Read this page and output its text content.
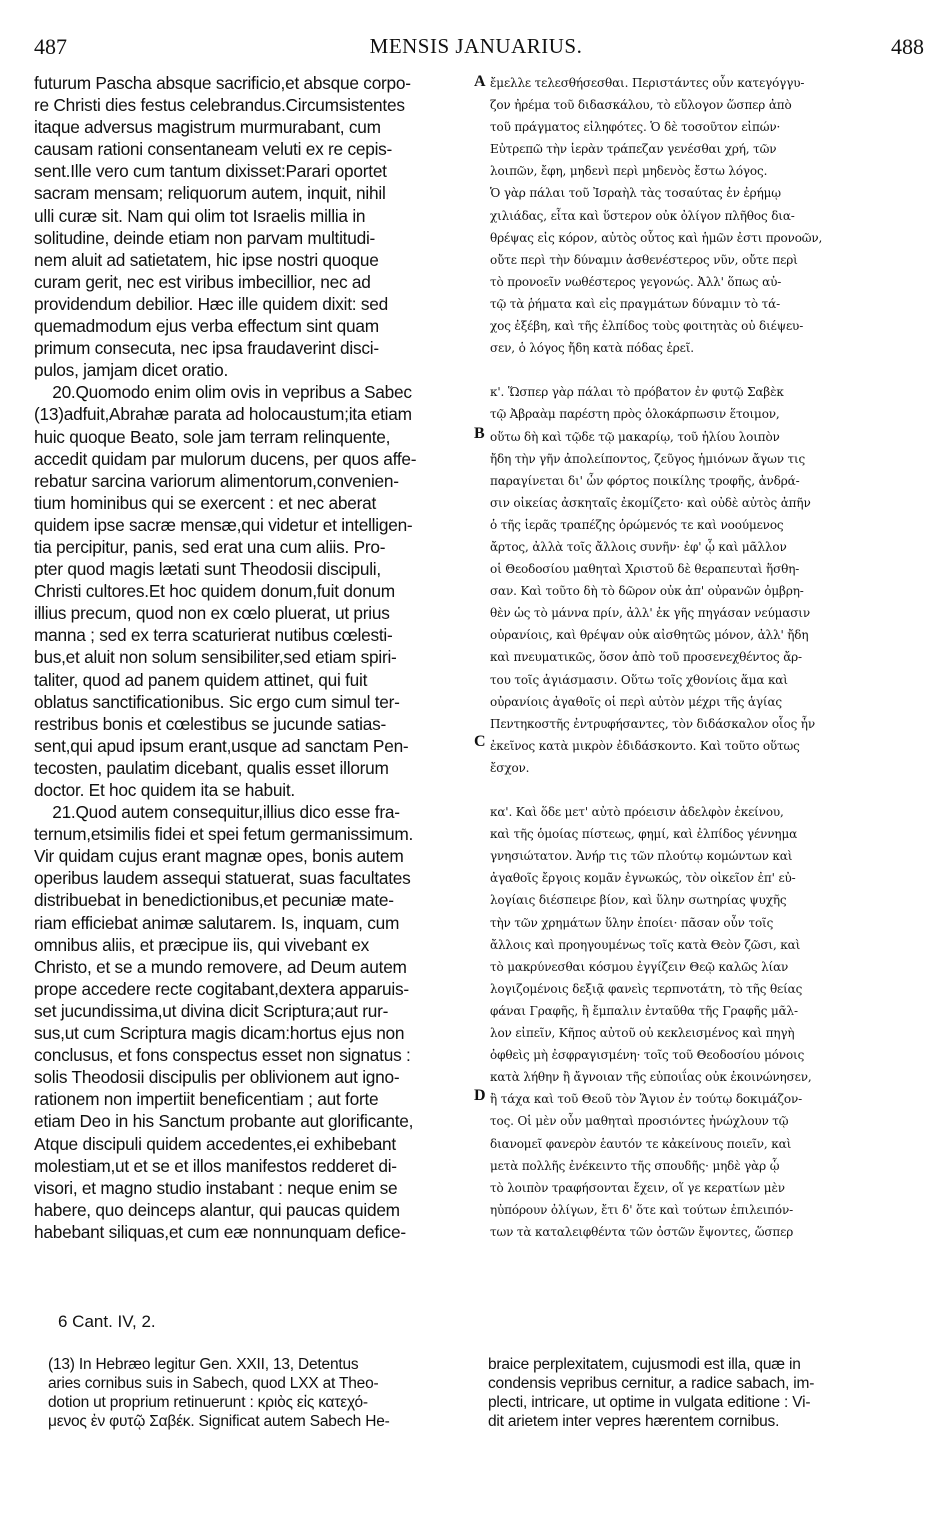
487	MENSIS JANUARIUS.	488
futurum Pascha absque sacrificio,et absque corpo-
re Christi dies festus celebrandus.Circumsistentes
itaque adversus magistrum murmurabant, cum
causam rationi consentaneam veluti ex re cepis-
sent.Ille vero cum tantum dixisset:Parari oportet
sacram mensam; reliquorum autem, inquit, nihil
ulli curæ sit. Nam qui olim tot Israelis millia in
solitudine, deinde etiam non parvam multitudi-
nem aluit ad satietatem, hic ipse nostri quoque
curam gerit, nec est viribus imbecillior, nec ad
providendum debilior. Hæc ille quidem dixit: sed
quemadmodum ejus verba effectum sint quam
primum consecuta, nec ipsa fraudaverint disci-
pulos, jamjam dicet oratio.
20.Quomodo enim olim ovis in vepribus a Sabec
(13)adfuit,Abrahæ parata ad holocaustum;ita etiam
huic quoque Beato, sole jam terram relinquente,
accedit quidam par mulorum ducens, per quos affe-
rebatur sarcina variorum alimentorum,convenien-
tium hominibus qui se exercent : et nec aberat
quidem ipse sacræ mensæ,qui videtur et intelligen-
tia percipitur, panis, sed erat una cum aliis. Pro-
pter quod magis lætati sunt Theodosii discipuli,
Christi cultores.Et hoc quidem donum,fuit donum
illius precum, quod non ex cœlo pluerat, ut prius
manna ; sed ex terra scaturierat nutibus cœlesti-
bus,et aluit non solum sensibiliter,sed etiam spiri-
taliter, quod ad panem quidem attinet, qui fuit
oblatus sanctificationibus. Sic ergo cum simul ter-
restribus bonis et cœlestibus se jucunde satias-
sent,qui apud ipsum erant,usque ad sanctam Pen-
tecosten, paulatim dicebant, qualis esset illorum
doctor. Et hoc quidem ita se habuit.
21.Quod autem consequitur,illius dico esse fra-
ternum,etsimilis fidei et spei fetum germanissimum.
Vir quidam cujus erant magnæ opes, bonis autem
operibus laudem assequi statuerat, suas facultates
distribuebat in benedictionibus,et pecuniæ mate-
riam efficiebat animæ salutarem. Is, inquam, cum
omnibus aliis, et præcipue iis, qui vivebant ex
Christo, et se a mundo removere, ad Deum autem
prope accedere recte cogitabant,dextera apparuis-
set jucundissima,ut divina dicit Scriptura;aut rur-
sus,ut cum Scriptura magis dicam:hortus ejus non
conclusus, et fons conspectus esset non signatus :
solis Theodosii discipulis per oblivionem aut igno-
rationem non impertiit beneficentiam ; aut forte
etiam Deo in his Sanctum probante aut glorificante,
Atque discipuli quidem accedentes,ei exhibebant
molestiam,ut et se et illos manifestos redderet di-
visori, et magno studio instabant : neque enim se
habere, quo deinceps alantur, qui paucas quidem
habebant siliquas,et cum eæ nonnunquam defice-
ἔμελλε τελεσθήσεσθαι. Περιστάντες οὖν κατεγόγγυ-
ζον ἠρέμα τοῦ διδασκάλου, τὸ εὔλογον ὥσπερ ἀπὸ
τοῦ πράγματος εἰληφότες. Ὁ δὲ τοσοῦτον εἰπών·
Εὐτρεπῶ τὴν ἱερὰν τράπεζαν γενέσθαι χρή, τῶν
λοιπῶν, ἔφη, μηδενὶ περὶ μηδενὸς ἔστω λόγος.
Ὁ γὰρ πάλαι τοῦ Ἰσραὴλ τὰς τοσαύτας ἐν ἐρήμῳ
χιλιάδας, εἶτα καὶ ὕστερον οὐκ ὀλίγον πλῆθος δια-
θρέψας εἰς κόρον, αὐτὸς οὗτος καὶ ἡμῶν ἐστι προνοῶν,
οὔτε περὶ τὴν δύναμιν ἀσθενέστερος νῦν, οὔτε περὶ
τὸ προνοεῖν νωθέστερος γεγονώς. Ἀλλ' ὅπως αὐ-
τῷ τὰ ῥήματα καὶ εἰς πραγμάτων δύναμιν τὸ τά-
χος ἐξέβη, καὶ τῆς ἐλπίδος τοὺς φοιτητὰς οὐ διέψευ-
σεν, ὁ λόγος ἤδη κατὰ πόδας ἐρεῖ.

κ'. Ὥσπερ γὰρ πάλαι τὸ πρόβατον ἐν φυτῷ Σαβὲκ
τῷ Ἀβραὰμ παρέστη πρὸς ὁλοκάρπωσιν ἕτοιμον,
οὕτω δὴ καὶ τῷδε τῷ μακαρίῳ, τοῦ ἡλίου λοιπὸν
ἤδη τὴν γῆν ἀπολείποντος, ζεῦγος ἡμιόνων ἄγων τις
παραγίνεται δι' ὧν φόρτος ποικίλης τροφῆς, ἀνδρά-
σιν οἰκείας ἀσκηταῖς ἐκομίζετο· καὶ οὐδὲ αὐτὸς ἀπῆν
ὁ τῆς ἱερᾶς τραπέζης ὁρώμενός τε καὶ νοούμενος
ἄρτος, ἀλλὰ τοῖς ἄλλοις συνῆν· ἐφ' ᾧ καὶ μᾶλλον
οἱ Θεοδοσίου μαθηταὶ Χριστοῦ δὲ θεραπευταὶ ἥσθη-
σαν. Καὶ τοῦτο δὴ τὸ δῶρον οὐκ ἀπ' οὐρανῶν ὀμβρη-
θὲν ὡς τὸ μάννα πρίν, ἀλλ' ἐκ γῆς πηγάσαν νεύμασιν
οὐρανίοις, καὶ θρέψαν οὐκ αἰσθητῶς μόνον, ἀλλ' ἤδη
καὶ πνευματικῶς, ὅσον ἀπὸ τοῦ προσενεχθέντος ἄρ-
του τοῖς ἁγιάσμασιν. Οὕτω τοῖς χθονίοις ἅμα καὶ
οὐρανίοις ἀγαθοῖς οἱ περὶ αὐτὸν μέχρι τῆς ἁγίας
Πεντηκοστῆς ἐντρυφήσαντες, τὸν διδάσκαλον οἷος ἦν
ἐκεῖνος κατὰ μικρὸν ἐδιδάσκοντο. Καὶ τοῦτο οὕτως
ἔσχον.

κα'. Καὶ ὅδε μετ' αὐτὸ πρόεισιν ἀδελφὸν ἐκείνου,
καὶ τῆς ὁμοίας πίστεως, φημί, καὶ ἐλπίδος γέννημα
γνησιώτατον. Ἀνήρ τις τῶν πλούτῳ κομώντων καὶ
ἀγαθοῖς ἔργοις κομᾶν ἐγνωκώς, τὸν οἰκεῖον ἐπ' εὐ-
λογίαις διέσπειρε βίον, καὶ ὕλην σωτηρίας ψυχῆς
τὴν τῶν χρημάτων ὕλην ἐποίει· πᾶσαν οὖν τοῖς
ἄλλοις καὶ προηγουμένως τοῖς κατὰ Θεὸν ζῶσι, καὶ
τὸ μακρύνεσθαι κόσμου ἐγγίζειν Θεῷ καλῶς λίαν
λογιζομένοις δεξιᾷ φανεὶς τερπνοτάτη, τὸ τῆς θείας
φάναι Γραφῆς, ἢ ἔμπαλιν ἐνταῦθα τῆς Γραφῆς μᾶλ-
λον εἰπεῖν, Κῆπος αὐτοῦ οὐ κεκλεισμένος καὶ πηγὴ
ὀφθεὶς μὴ ἐσφραγισμένη· τοῖς τοῦ Θεοδοσίου μόνοις
κατὰ λήθην ἢ ἄγνοιαν τῆς εὐποιΐας οὐκ ἐκοινώνησεν,
ἢ τάχα καὶ τοῦ Θεοῦ τὸν Ἅγιον ἐν τούτῳ δοκιμάζον-
τος. Οἱ μὲν οὖν μαθηταὶ προσιόντες ἠνώχλουν τῷ
διανομεῖ φανερὸν ἑαυτόν τε κἀκείνους ποιεῖν, καὶ
μετὰ πολλῆς ἐνέκειντο τῆς σπουδῆς· μηδὲ γὰρ ᾧ
τὸ λοιπὸν τραφήσονται ἔχειν, οἵ γε κερατίων μὲν
ηὐπόρουν ὀλίγων, ἔτι δ' ὅτε καὶ τούτων ἐπιλειπόν-
των τὰ καταλειφθέντα τῶν ὀστῶν ἔψοντες, ὥσπερ
A
B
C
D
6 Cant. IV, 2.
(13) In Hebræo legitur Gen. XXII, 13, Detentus
aries cornibus suis in Sabech, quod LXX at Theo-
dotion ut proprium retinuerunt : κριὸς εἰς κατεχό-
μενος ἐν φυτῷ Σαβέκ. Significat autem Sabech He-
braice perplexitatem, cujusmodi est illa, quæ in
condensis vepribus cernitur, a radice sabach, im-
plecti, intricare, ut optime in vulgata editione : Vi-
dit arietem inter vepres hærentem cornibus.
